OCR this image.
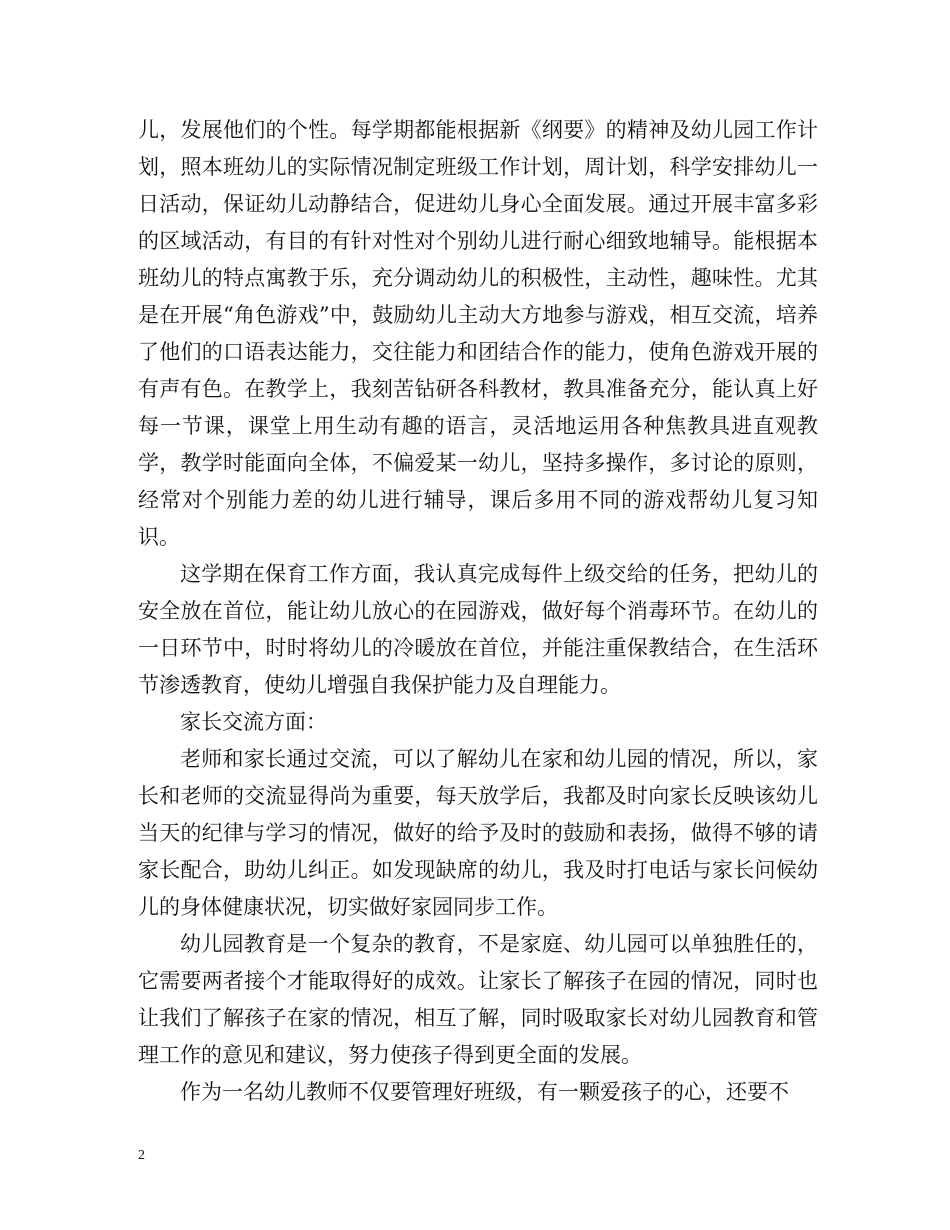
儿，发展他们的个性。每学期都能根据新《纲要》的精神及幼儿园工作计划，照本班幼儿的实际情况制定班级工作计划，周计划，科学安排幼儿一日活动，保证幼儿动静结合，促进幼儿身心全面发展。通过开展丰富多彩的区域活动，有目的有针对性对个别幼儿进行耐心细致地辅导。能根据本班幼儿的特点寓教于乐，充分调动幼儿的积极性，主动性，趣味性。尤其是在开展“角色游戏”中，鼓励幼儿主动大方地参与游戏，相互交流，培养了他们的口语表达能力，交往能力和团结合作的能力，使角色游戏开展的有声有色。在教学上，我刻苦钻研各科教材，教具准备充分，能认真上好每一节课，课堂上用生动有趣的语言，灵活地运用各种焦教具进直观教学，教学时能面向全体，不偏爱某一幼儿，坚持多操作，多讨论的原则，经常对个别能力差的幼儿进行辅导，课后多用不同的游戏帮幼儿复习知识。

这学期在保育工作方面，我认真完成每件上级交给的任务，把幼儿的安全放在首位，能让幼儿放心的在园游戏，做好每个消毒环节。在幼儿的一日环节中，时时将幼儿的冷暖放在首位，并能注重保教结合，在生活环节渗透教育，使幼儿增强自我保护能力及自理能力。

家长交流方面：

老师和家长通过交流，可以了解幼儿在家和幼儿园的情况，所以，家长和老师的交流显得尚为重要，每天放学后，我都及时向家长反映该幼儿当天的纪律与学习的情况，做好的给予及时的鼓励和表扬，做得不够的请家长配合，助幼儿纠正。如发现缺席的幼儿，我及时打电话与家长问候幼儿的身体健康状况，切实做好家园同步工作。

幼儿园教育是一个复杂的教育，不是家庭、幼儿园可以单独胜任的，它需要两者接个才能取得好的成效。让家长了解孩子在园的情况，同时也让我们了解孩子在家的情况，相互了解，同时吸取家长对幼儿园教育和管理工作的意见和建议，努力使孩子得到更全面的发展。

作为一名幼儿教师不仅要管理好班级，有一颗爱孩子的心，还要不

2
